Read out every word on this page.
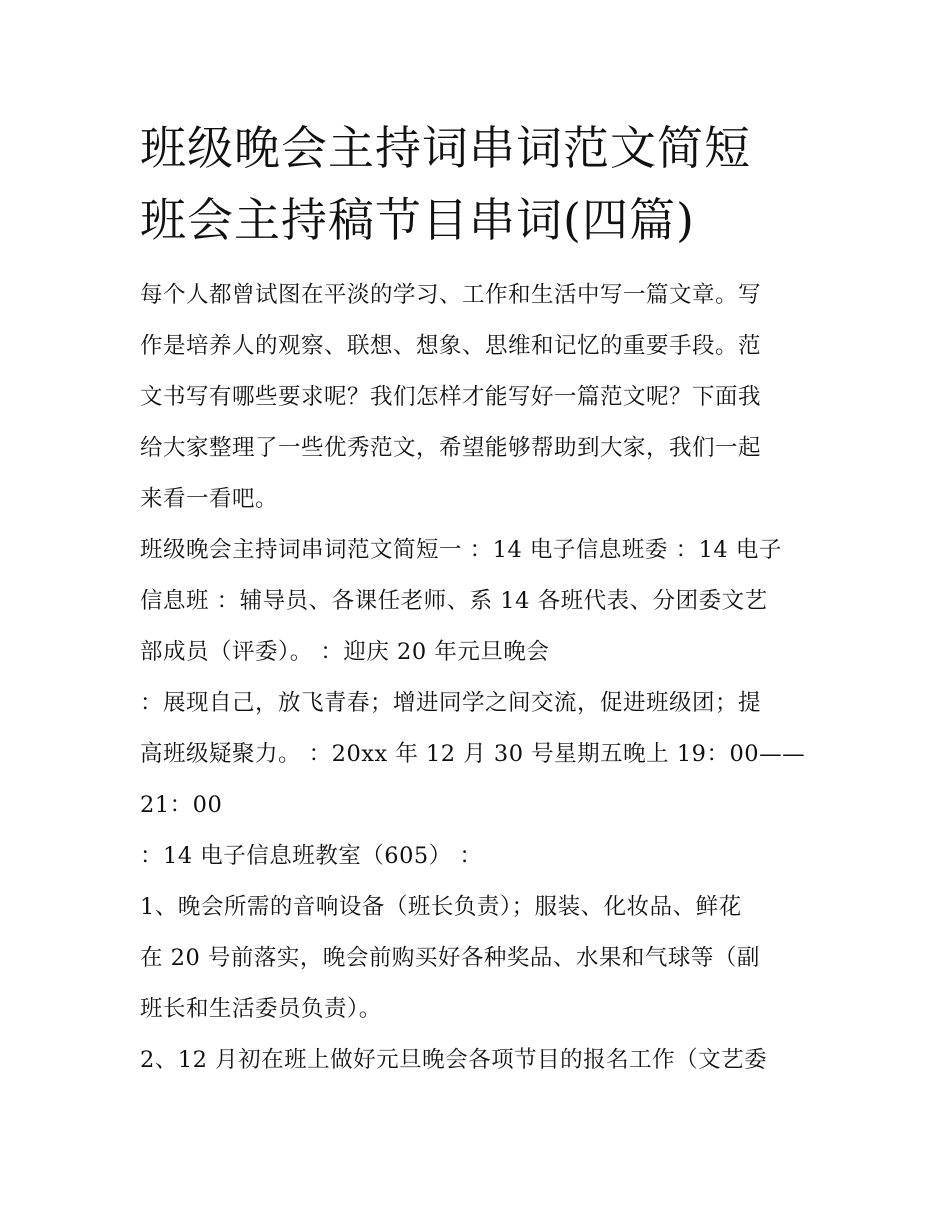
班级晚会主持词串词范文简短
班会主持稿节目串词(四篇)

每个人都曾试图在平淡的学习、工作和生活中写一篇文章。写
作是培养人的观察、联想、想象、思维和记忆的重要手段。范
文书写有哪些要求呢？我们怎样才能写好一篇范文呢？下面我
给大家整理了一些优秀范文，希望能够帮助到大家，我们一起
来看一看吧。

班级晚会主持词串词范文简短一 ：14 电子信息班委 ：14 电子
信息班 ：辅导员、各课任老师、系 14 各班代表、分团委文艺
部成员（评委）。 ：迎庆 20 年元旦晚会

：展现自己，放飞青春；增进同学之间交流，促进班级团；提
高班级疑聚力。 ：20xx 年 12 月 30 号星期五晚上 19：00——
21：00

：14 电子信息班教室（605） ：

1、晚会所需的音响设备（班长负责）；服装、化妆品、鲜花
在 20 号前落实，晚会前购买好各种奖品、水果和气球等（副
班长和生活委员负责）。

2、12 月初在班上做好元旦晚会各项节目的报名工作（文艺委
